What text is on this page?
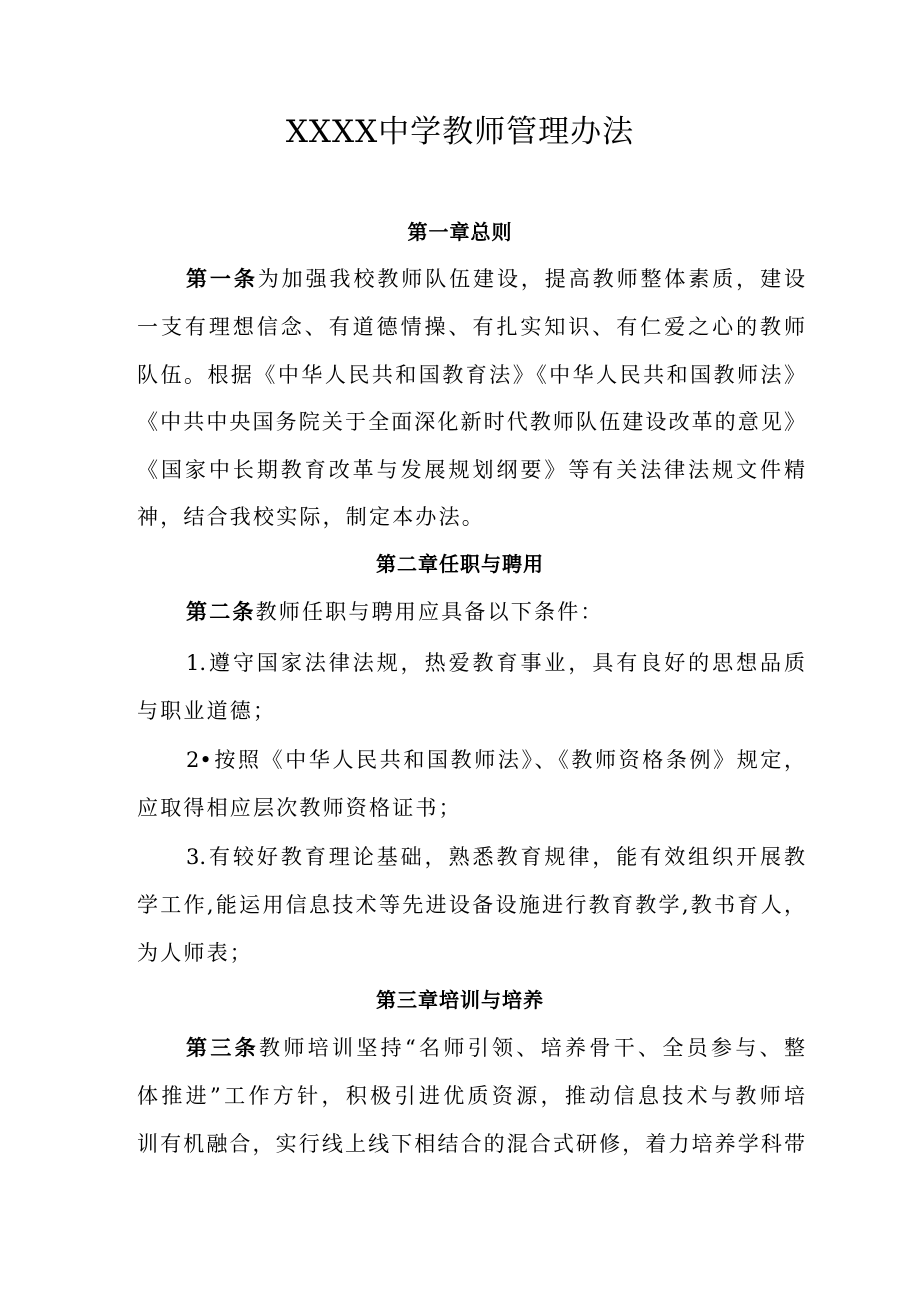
XXXX中学教师管理办法
第一章总则
第一条为加强我校教师队伍建设，提高教师整体素质，建设
一支有理想信念、有道德情操、有扎实知识、有仁爱之心的教师
队伍。根据《中华人民共和国教育法》《中华人民共和国教师法》
《中共中央国务院关于全面深化新时代教师队伍建设改革的意见》
《国家中长期教育改革与发展规划纲要》等有关法律法规文件精
神，结合我校实际，制定本办法。
第二章任职与聘用
第二条教师任职与聘用应具备以下条件：
1.遵守国家法律法规，热爱教育事业，具有良好的思想品质
与职业道德；
2•按照《中华人民共和国教师法》、《教师资格条例》规定，
应取得相应层次教师资格证书；
3.有较好教育理论基础，熟悉教育规律，能有效组织开展教
学工作,能运用信息技术等先进设备设施进行教育教学,教书育人，
为人师表；
第三章培训与培养
第三条教师培训坚持“名师引领、培养骨干、全员参与、整
体推进”工作方针，积极引进优质资源，推动信息技术与教师培
训有机融合，实行线上线下相结合的混合式研修，着力培养学科带
